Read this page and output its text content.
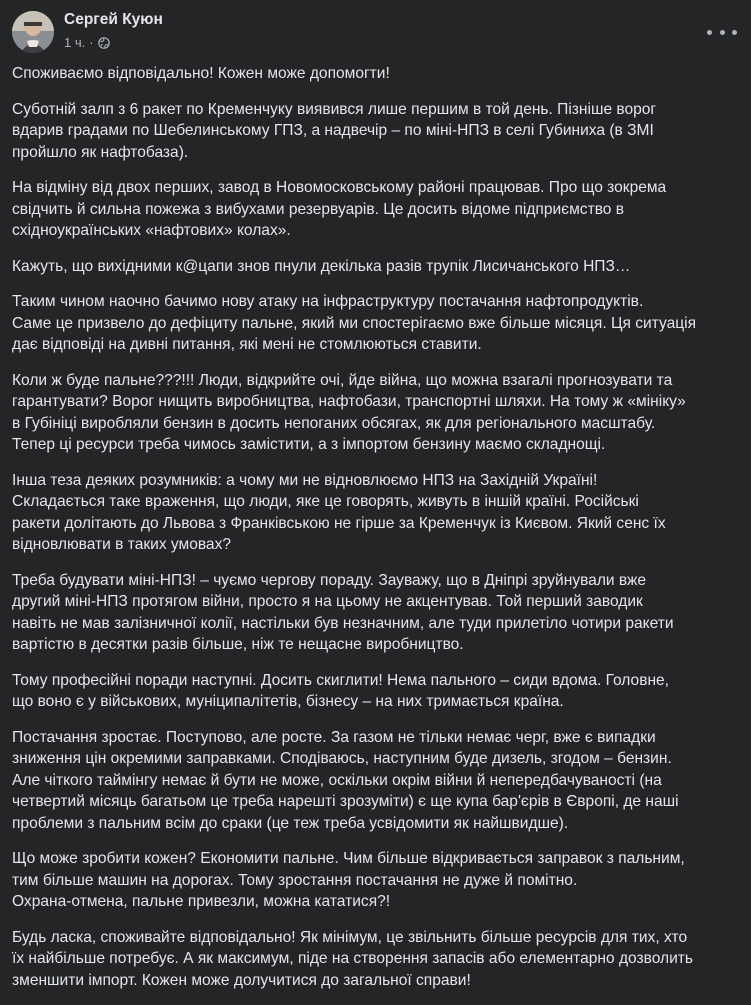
Сергей Куюн
1 ч. ·

Споживаємо відповідально! Кожен може допомогти!

Суботній залп з 6 ракет по Кременчуку виявився лише першим в той день. Пізніше ворог
вдарив градами по Шебелинському ГПЗ, а надвечір – по міні-НПЗ в селі Губиниха (в ЗМІ
пройшло як нафтобаза).

На відміну від двох перших, завод в Новомосковському районі працював. Про що зокрема
свідчить й сильна пожежа з вибухами резервуарів. Це досить відоме підприємство в
східноукраїнських «нафтових» колах».

Кажуть, що вихідними к@цапи знов пнули декілька разів трупік Лисичанського НПЗ…

Таким чином наочно бачимо нову атаку на інфраструктуру постачання нафтопродуктів.
Саме це призвело до дефіциту пальне, який ми спостерігаємо вже більше місяця. Ця ситуація
дає відповіді на дивні питання, які мені не стомлюються ставити.

Коли ж буде пальне???!!! Люди, відкрийте очі, йде війна, що можна взагалі прогнозувати та
гарантувати? Ворог нищить виробництва, нафтобази, транспортні шляхи. На тому ж «мініку»
в Губініці виробляли бензин в досить непоганих обсягах, як для регіонального масштабу.
Тепер ці ресурси треба чимось замістити, а з імпортом бензину маємо складнощі.

Інша теза деяких розумників: а чому ми не відновлюємо НПЗ на Західній Україні!
Складається таке враження, що люди, яке це говорять, живуть в іншій країні. Російські
ракети долітають до Львова з Франківською не гірше за Кременчук із Києвом. Який сенс їх
відновлювати в таких умовах?

Треба будувати міні-НПЗ! – чуємо чергову пораду. Зауважу, що в Дніпрі зруйнували вже
другий міні-НПЗ протягом війни, просто я на цьому не акцентував. Той перший заводик
навіть не мав залізничної колії, настільки був незначним, але туди прилетіло чотири ракети
вартістю в десятки разів більше, ніж те нещасне виробництво.

Тому професійні поради наступні. Досить скиглити! Нема пального – сиди вдома. Головне,
що воно є у військових, муніципалітетів, бізнесу – на них тримається країна.

Постачання зростає. Поступово, але росте. За газом не тільки немає черг, вже є випадки
зниження цін окремими заправками. Сподіваюсь, наступним буде дизель, згодом – бензин.
Але чіткого таймінгу немає й бути не може, оскільки окрім війни й непередбачуваності (на
четвертий місяць багатьом це треба нарешті зрозуміти) є ще купа бар'єрів в Європі, де наші
проблеми з пальним всім до сраки (це теж треба усвідомити як найшвидше).

Що може зробити кожен? Економити пальне. Чим більше відкривається заправок з пальним,
тим більше машин на дорогах. Тому зростання постачання не дуже й помітно.
Охрана-отмена, пальне привезли, можна кататися?!

Будь ласка, споживайте відповідально! Як мінімум, це звільнить більше ресурсів для тих, хто
їх найбільше потребує. А як максимум, піде на створення запасів або елементарно дозволить
зменшити імпорт. Кожен може долучитися до загальної справи!
